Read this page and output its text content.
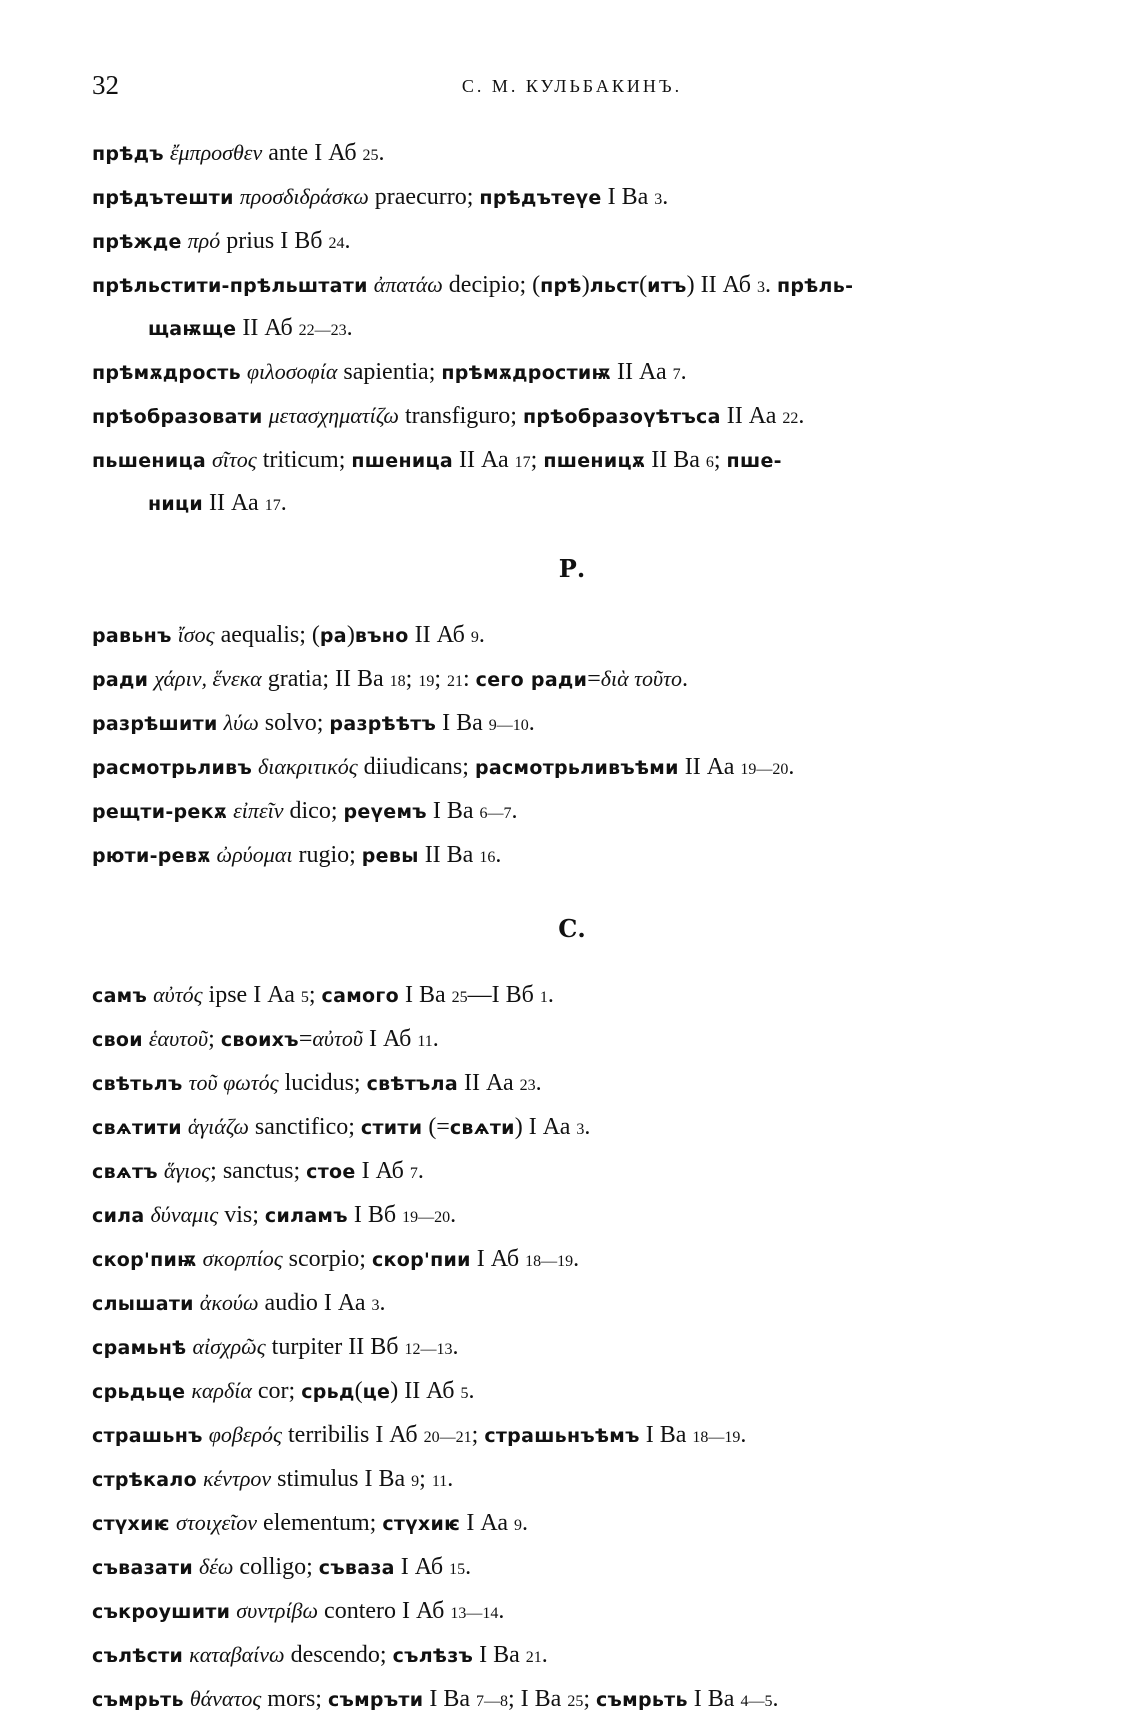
32	С. М. КУЛЬБАКИНЪ.
прѣдъ ἔμπροσθεν ante I Аб 25.
прѣдътешти προσδιδράσκω praecurro; прѣдътеүе I Ва 3.
прѣжде πρό prius I Вб 24.
прѣльстити-прѣльштати ἀπατάω decipio; (прѣ)льст(итъ) II Аб 3. прѣль-
щаѭще II Аб 22—23.
прѣмѫдрость φιλοσοφία sapientia; прѣмѫдростиѭ II Аа 7.
прѣобразовати μετασχηματίζω transfiguro; прѣобразоүѣтъса II Аа 22.
пьшеница σῖτος triticum; пшеница II Аа 17; пшеницѫ II Ва 6; пше-
ници II Аа 17.
Р.
равьнъ ἴσος aequalis; (ра)въно II Аб 9.
ради χάριν, ἕνεκα gratia; II Ва 18; 19; 21: сего ради=διὰ τοῦτο.
разрѣшити λύω solvo; разрѣѣтъ I Ва 9—10.
расмотрьливъ διακριτικός diiudicans; расмотрьливъѣми II Аа 19—20.
рещти-рекѫ εἰπεῖν dico; реүемъ I Ва 6—7.
рюти-ревѫ ὠρύομαι rugio; ревы II Ва 16.
С.
самъ αὐτός ipse I Аа 5; самого I Ва 25—I Вб 1.
свои ἑαυτοῦ; своихъ=αὐτοῦ I Аб 11.
свѣтьлъ τοῦ φωτός lucidus; свѣтъла II Аа 23.
свѧтити ἁγιάζω sanctifico; стити (=свѧти) I Аа 3.
свѧтъ ἅγιος; sanctus; стое I Аб 7.
сила δύναμις vis; силамъ I Вб 19—20.
скор'пиѭ σκορπίος scorpio; скор'пии I Аб 18—19.
слышати ἀκούω audio I Аа 3.
срамьнѣ αἰσχρῶς turpiter II Вб 12—13.
срьдьце καρδία cor; срьд(це) II Аб 5.
страшьнъ φοβερός terribilis I Аб 20—21; страшьнъѣмъ I Ва 18—19.
стрѣкало κέντρον stimulus I Ва 9; 11.
стүхиѥ στοιχεῖον elementum; стүхиѥ I Аа 9.
съвазати δέω colligo; съваза I Аб 15.
съкроушити συντρίβω contero I Аб 13—14.
сълѣсти καταβαίνω descendo; сълѣзъ I Ва 21.
съмрьть θάνατος mors; съмръти I Ва 7—8; I Ва 25; съмрьть I Ва 4—5.
